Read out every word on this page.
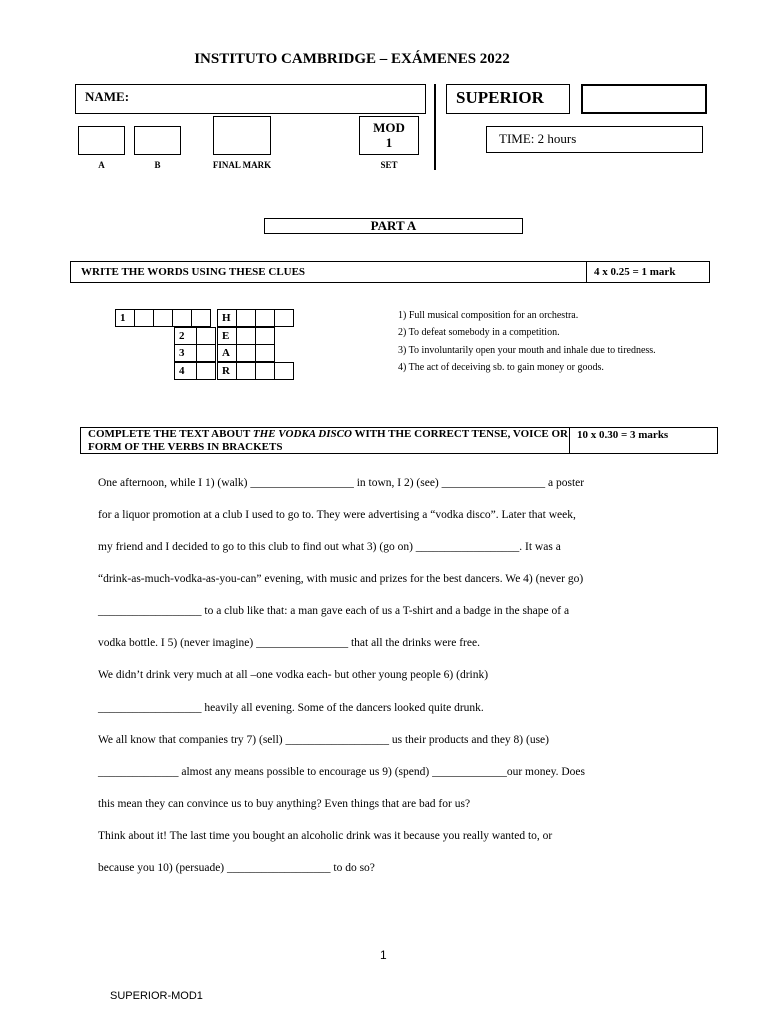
INSTITUTO CAMBRIDGE – EXÁMENES 2022
NAME:	SUPERIOR
MOD
1
A	B	FINAL MARK	SET
TIME: 2 hours
PART A
WRITE THE WORDS USING THESE CLUES	4 x 0.25 = 1 mark
1	H
2	E
3	A
4	R
1) Full musical composition for an orchestra.
2) To defeat somebody in a competition.
3) To involuntarily open your mouth and inhale due to tiredness.
4) The act of deceiving sb. to gain money or goods.
COMPLETE THE TEXT ABOUT THE VODKA DISCO WITH THE CORRECT TENSE, VOICE OR FORM OF THE VERBS IN BRACKETS
10 x 0.30 = 3 marks
One afternoon, while I 1) (walk) __________________ in town, I 2) (see) __________________ a poster
for a liquor promotion at a club I used to go to. They were advertising a “vodka disco”. Later that week,
my friend and I decided to go to this club to find out what 3) (go on) __________________. It was a
“drink-as-much-vodka-as-you-can” evening, with music and prizes for the best dancers. We 4) (never go)
__________________ to a club like that: a man gave each of us a T-shirt and a badge in the shape of a
vodka bottle. I 5) (never imagine) ________________ that all the drinks were free.
We didn’t drink very much at all –one vodka each- but other young people 6) (drink)
__________________ heavily all evening. Some of the dancers looked quite drunk.
We all know that companies try 7) (sell) __________________ us their products and they 8) (use)
______________ almost any means possible to encourage us 9) (spend) _____________our money. Does
this mean they can convince us to buy anything? Even things that are bad for us?
Think about it! The last time you bought an alcoholic drink was it because you really wanted to, or
because you 10) (persuade) __________________ to do so?
1
SUPERIOR-MOD1
